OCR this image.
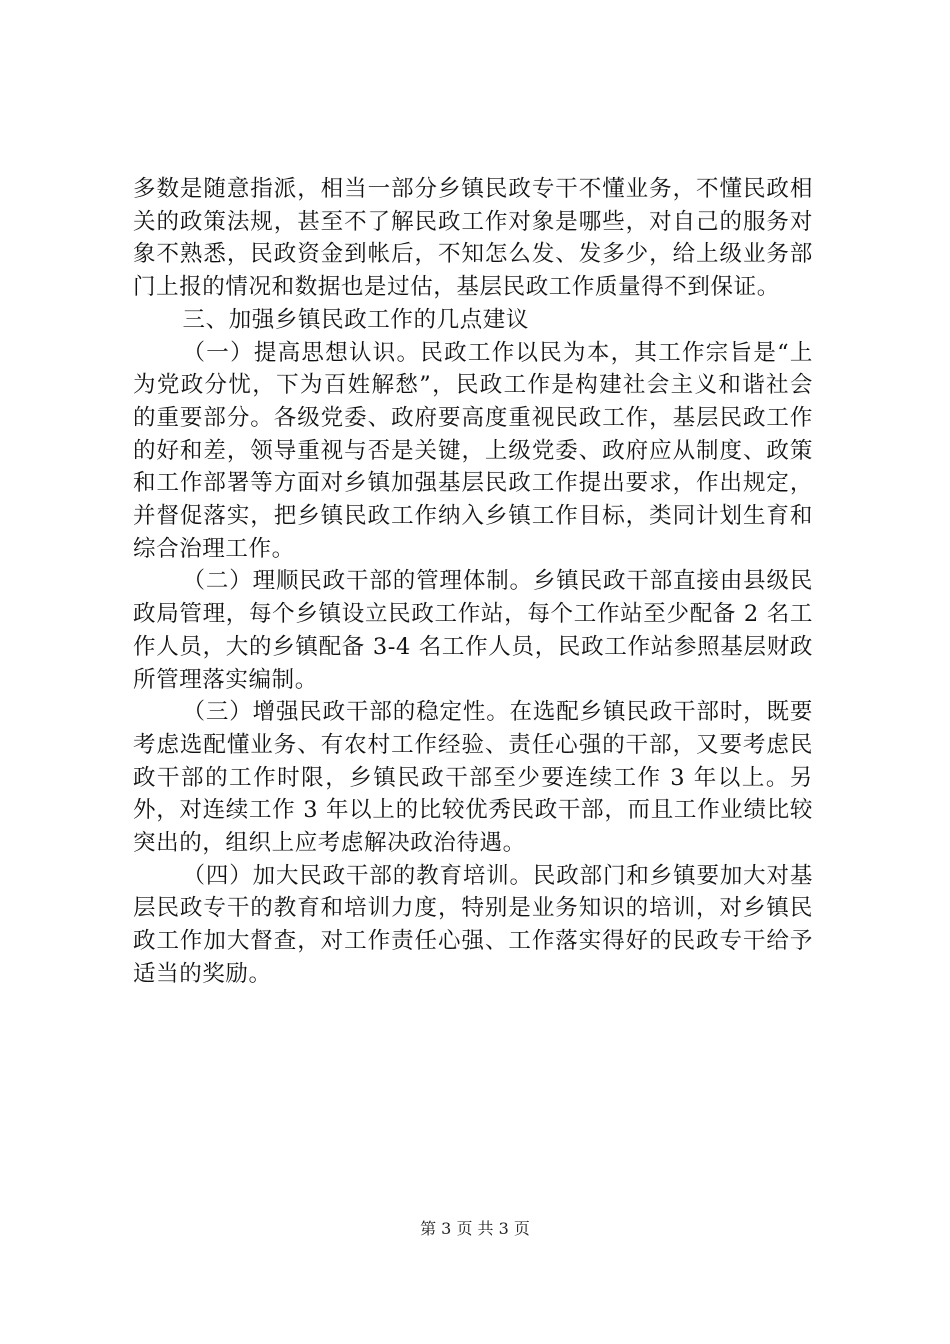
多数是随意指派，相当一部分乡镇民政专干不懂业务，不懂民政相关的政策法规，甚至不了解民政工作对象是哪些，对自己的服务对象不熟悉，民政资金到帐后，不知怎么发、发多少，给上级业务部门上报的情况和数据也是过估，基层民政工作质量得不到保证。

三、加强乡镇民政工作的几点建议

（一）提高思想认识。民政工作以民为本，其工作宗旨是“上为党政分忧，下为百姓解愁”，民政工作是构建社会主义和谐社会的重要部分。各级党委、政府要高度重视民政工作，基层民政工作的好和差，领导重视与否是关键，上级党委、政府应从制度、政策和工作部署等方面对乡镇加强基层民政工作提出要求，作出规定，并督促落实，把乡镇民政工作纳入乡镇工作目标，类同计划生育和综合治理工作。

（二）理顺民政干部的管理体制。乡镇民政干部直接由县级民政局管理，每个乡镇设立民政工作站，每个工作站至少配备 2 名工作人员，大的乡镇配备 3-4 名工作人员，民政工作站参照基层财政所管理落实编制。

（三）增强民政干部的稳定性。在选配乡镇民政干部时，既要考虑选配懂业务、有农村工作经验、责任心强的干部，又要考虑民政干部的工作时限，乡镇民政干部至少要连续工作 3 年以上。另外，对连续工作 3 年以上的比较优秀民政干部，而且工作业绩比较突出的，组织上应考虑解决政治待遇。

（四）加大民政干部的教育培训。民政部门和乡镇要加大对基层民政专干的教育和培训力度，特别是业务知识的培训，对乡镇民政工作加大督查，对工作责任心强、工作落实得好的民政专干给予适当的奖励。

第 3 页 共 3 页
